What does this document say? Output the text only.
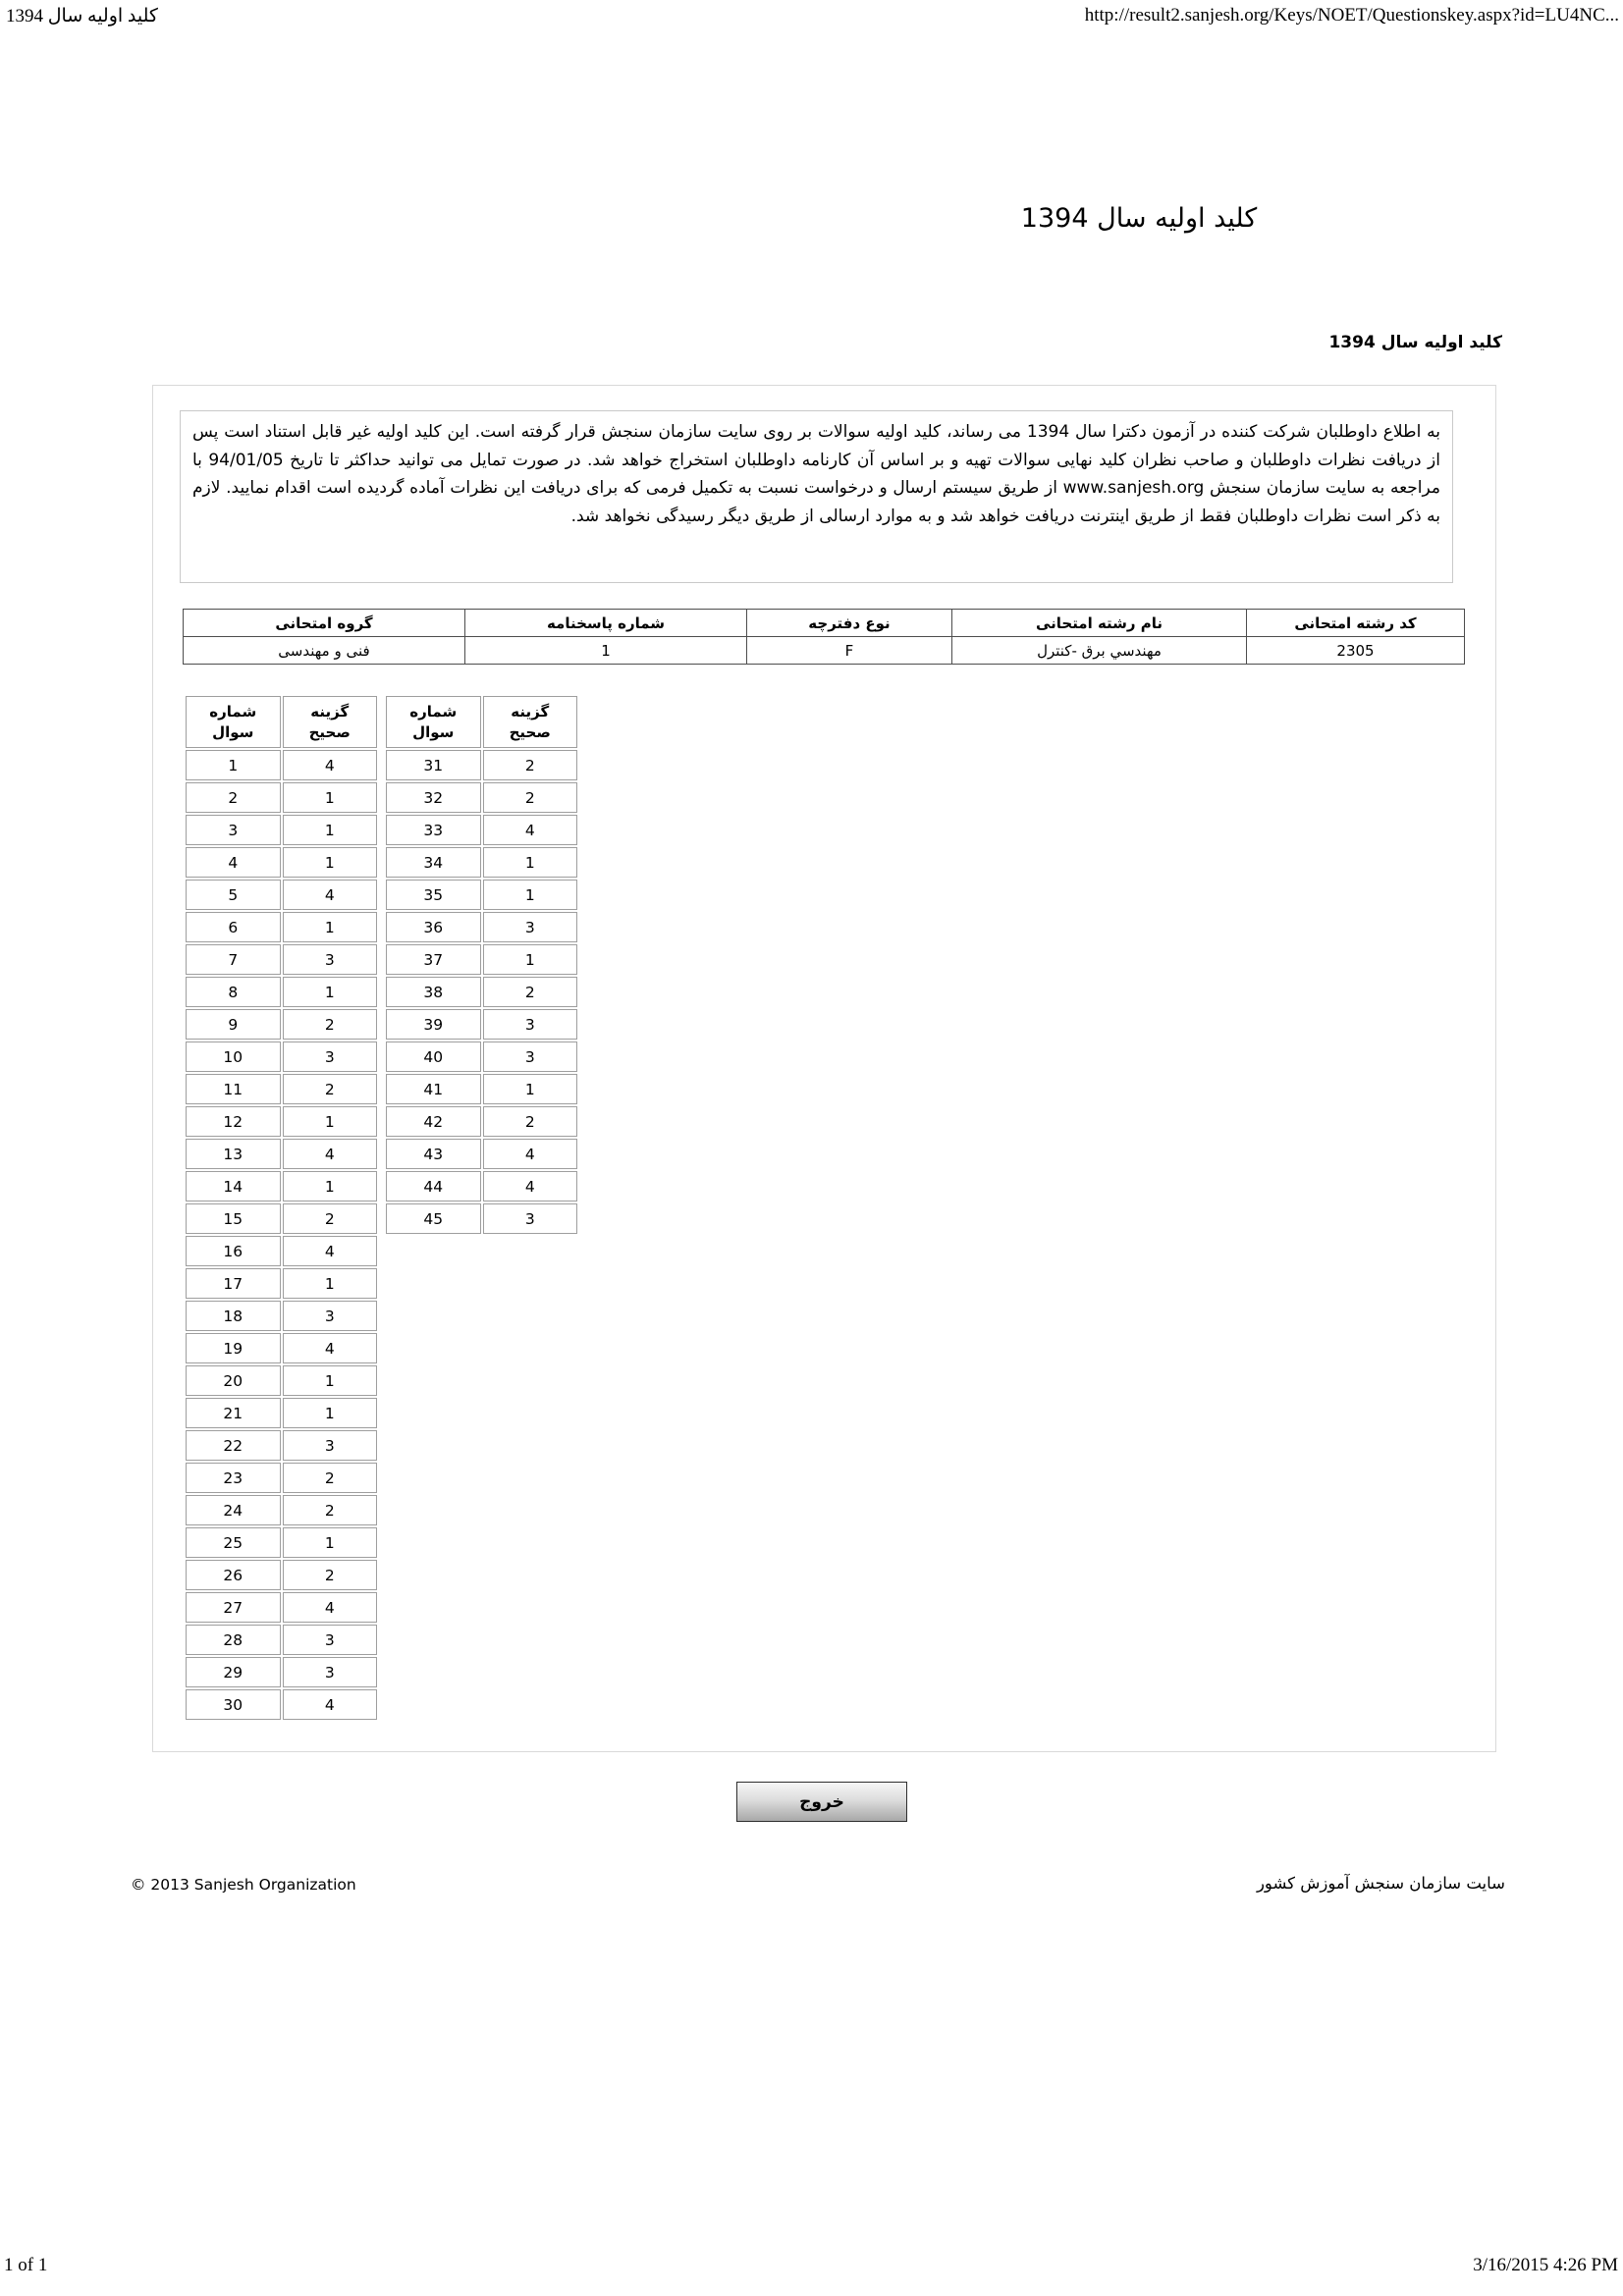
کلید اولیه سال 1394	http://result2.sanjesh.org/Keys/NOET/Questionskey.aspx?id=LU4NC...
کلید اولیه سال 1394
کلید اولیه سال 1394
به اطلاع داوطلبان شرکت کننده در آزمون دکترا سال 1394 می رساند، کلید اولیه سوالات بر روی سایت سازمان سنجش قرار گرفته است. این کلید اولیه غیر قابل استناد است پس از دریافت نظرات داوطلبان و صاحب نظران کلید نهایی سوالات تهیه و بر اساس آن کارنامه داوطلبان استخراج خواهد شد. در صورت تمایل می توانید حداکثر تا تاریخ 94/01/05 با مراجعه به سایت سازمان سنجش www.sanjesh.org از طریق سیستم ارسال و درخواست نسبت به تکمیل فرمی که برای دریافت این نظرات آماده گردیده است اقدام نمایید. لازم به ذکر است نظرات داوطلبان فقط از طریق اینترنت دریافت خواهد شد و به موارد ارسالی از طریق دیگر رسیدگی نخواهد شد.
کد رشته امتحانی	نام رشته امتحانی	نوع دفترچه	شماره پاسخنامه	گروه امتحانی
2305	مهندسي برق -کنترل	F	1	فنی و مهندسی
شماره
سوال	گزینه
صحیح

1	4
2	1
3	1
4	1
5	4
6	1
7	3
8	1
9	2
10	3
11	2
12	1
13	4
14	1
15	2
16	4
17	1
18	3
19	4
20	1
21	1
22	3
23	2
24	2
25	1
26	2
27	4
28	3
29	3
30	4
شماره
سوال	گزینه
صحیح

31	2
32	2
33	4
34	1
35	1
36	3
37	1
38	2
39	3
40	3
41	1
42	2
43	4
44	4
45	3
خروج
© 2013 Sanjesh Organization	سایت سازمان سنجش آموزش کشور
1 of 1	3/16/2015 4:26 PM
